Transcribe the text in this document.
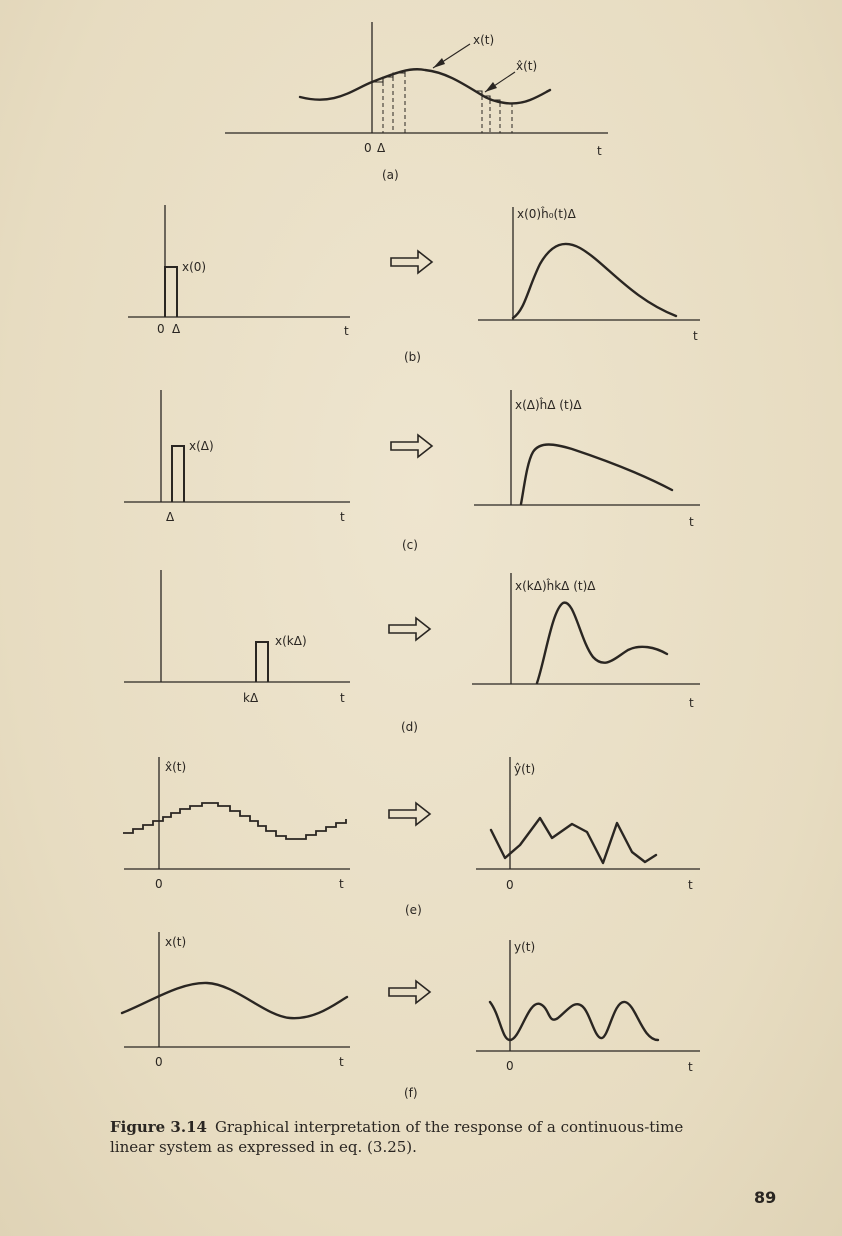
x(t)
x̂(t)
0 Δ	t
(a)
x(0)
0 Δ	t
x(0)ĥ₀(t)Δ
t
(b)
x(Δ)
Δ	t
x(Δ)ĥΔ (t)Δ
t
(c)
x(kΔ)
kΔ	t
x(kΔ)ĥkΔ (t)Δ
t
(d)
x̂(t)
0	t
ŷ(t)
0	t
(e)
x(t)
0	t
y(t)
0	t
(f)
Figure 3.14 Graphical interpretation of the response of a continuous-time linear system as expressed in eq. (3.25).
89
